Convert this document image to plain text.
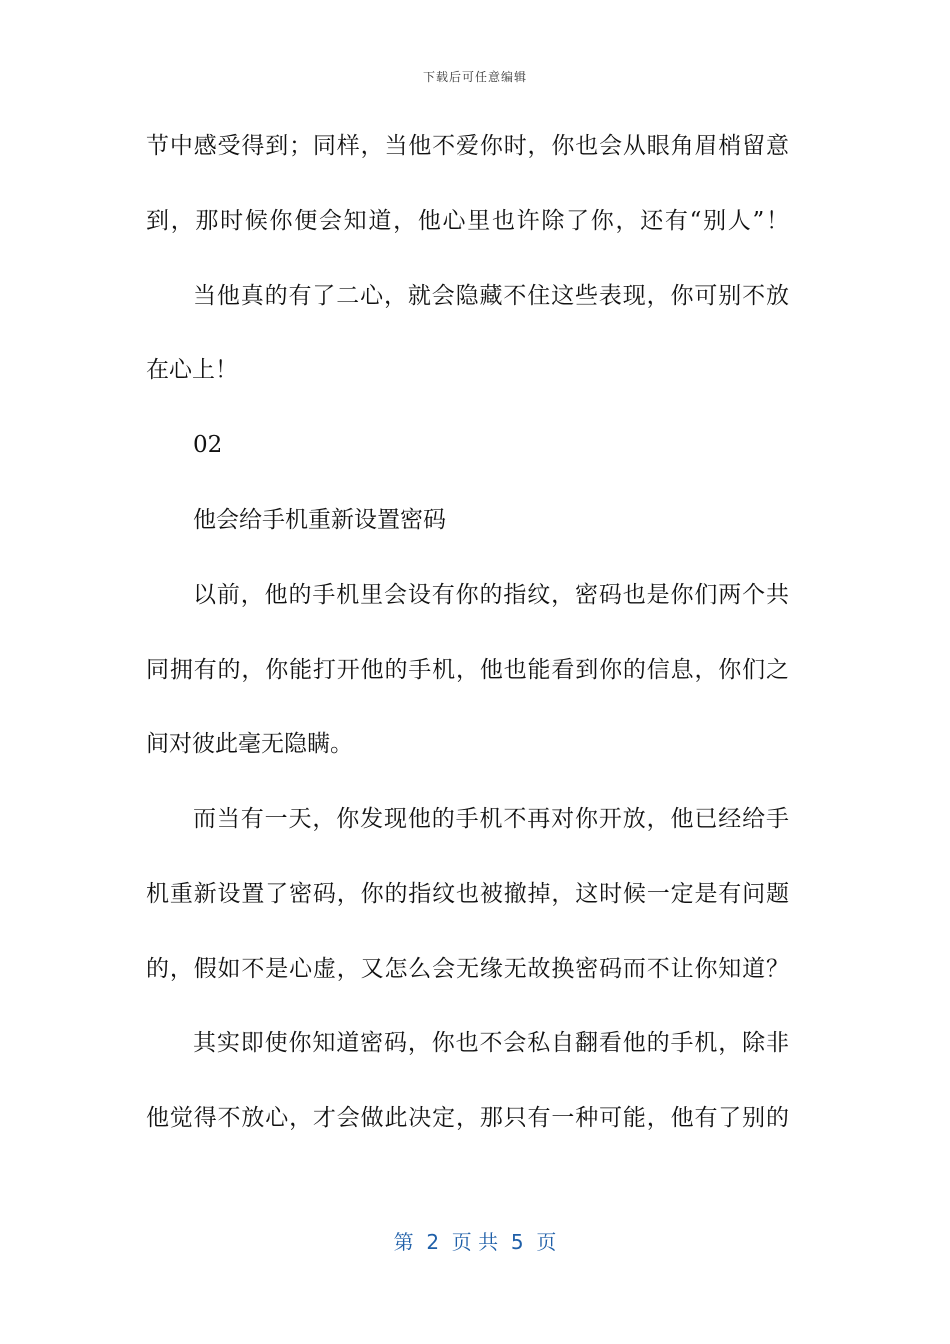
下载后可任意编辑
节中感受得到；同样，当他不爱你时，你也会从眼角眉梢留意
到，那时候你便会知道，他心里也许除了你，还有“别人”！
当他真的有了二心，就会隐藏不住这些表现，你可别不放
在心上！
02
他会给手机重新设置密码
以前，他的手机里会设有你的指纹，密码也是你们两个共
同拥有的，你能打开他的手机，他也能看到你的信息，你们之
间对彼此毫无隐瞒。
而当有一天，你发现他的手机不再对你开放，他已经给手
机重新设置了密码，你的指纹也被撤掉，这时候一定是有问题
的，假如不是心虚，又怎么会无缘无故换密码而不让你知道？
其实即使你知道密码，你也不会私自翻看他的手机，除非
他觉得不放心，才会做此决定，那只有一种可能，他有了别的
第  2  页 共  5  页
